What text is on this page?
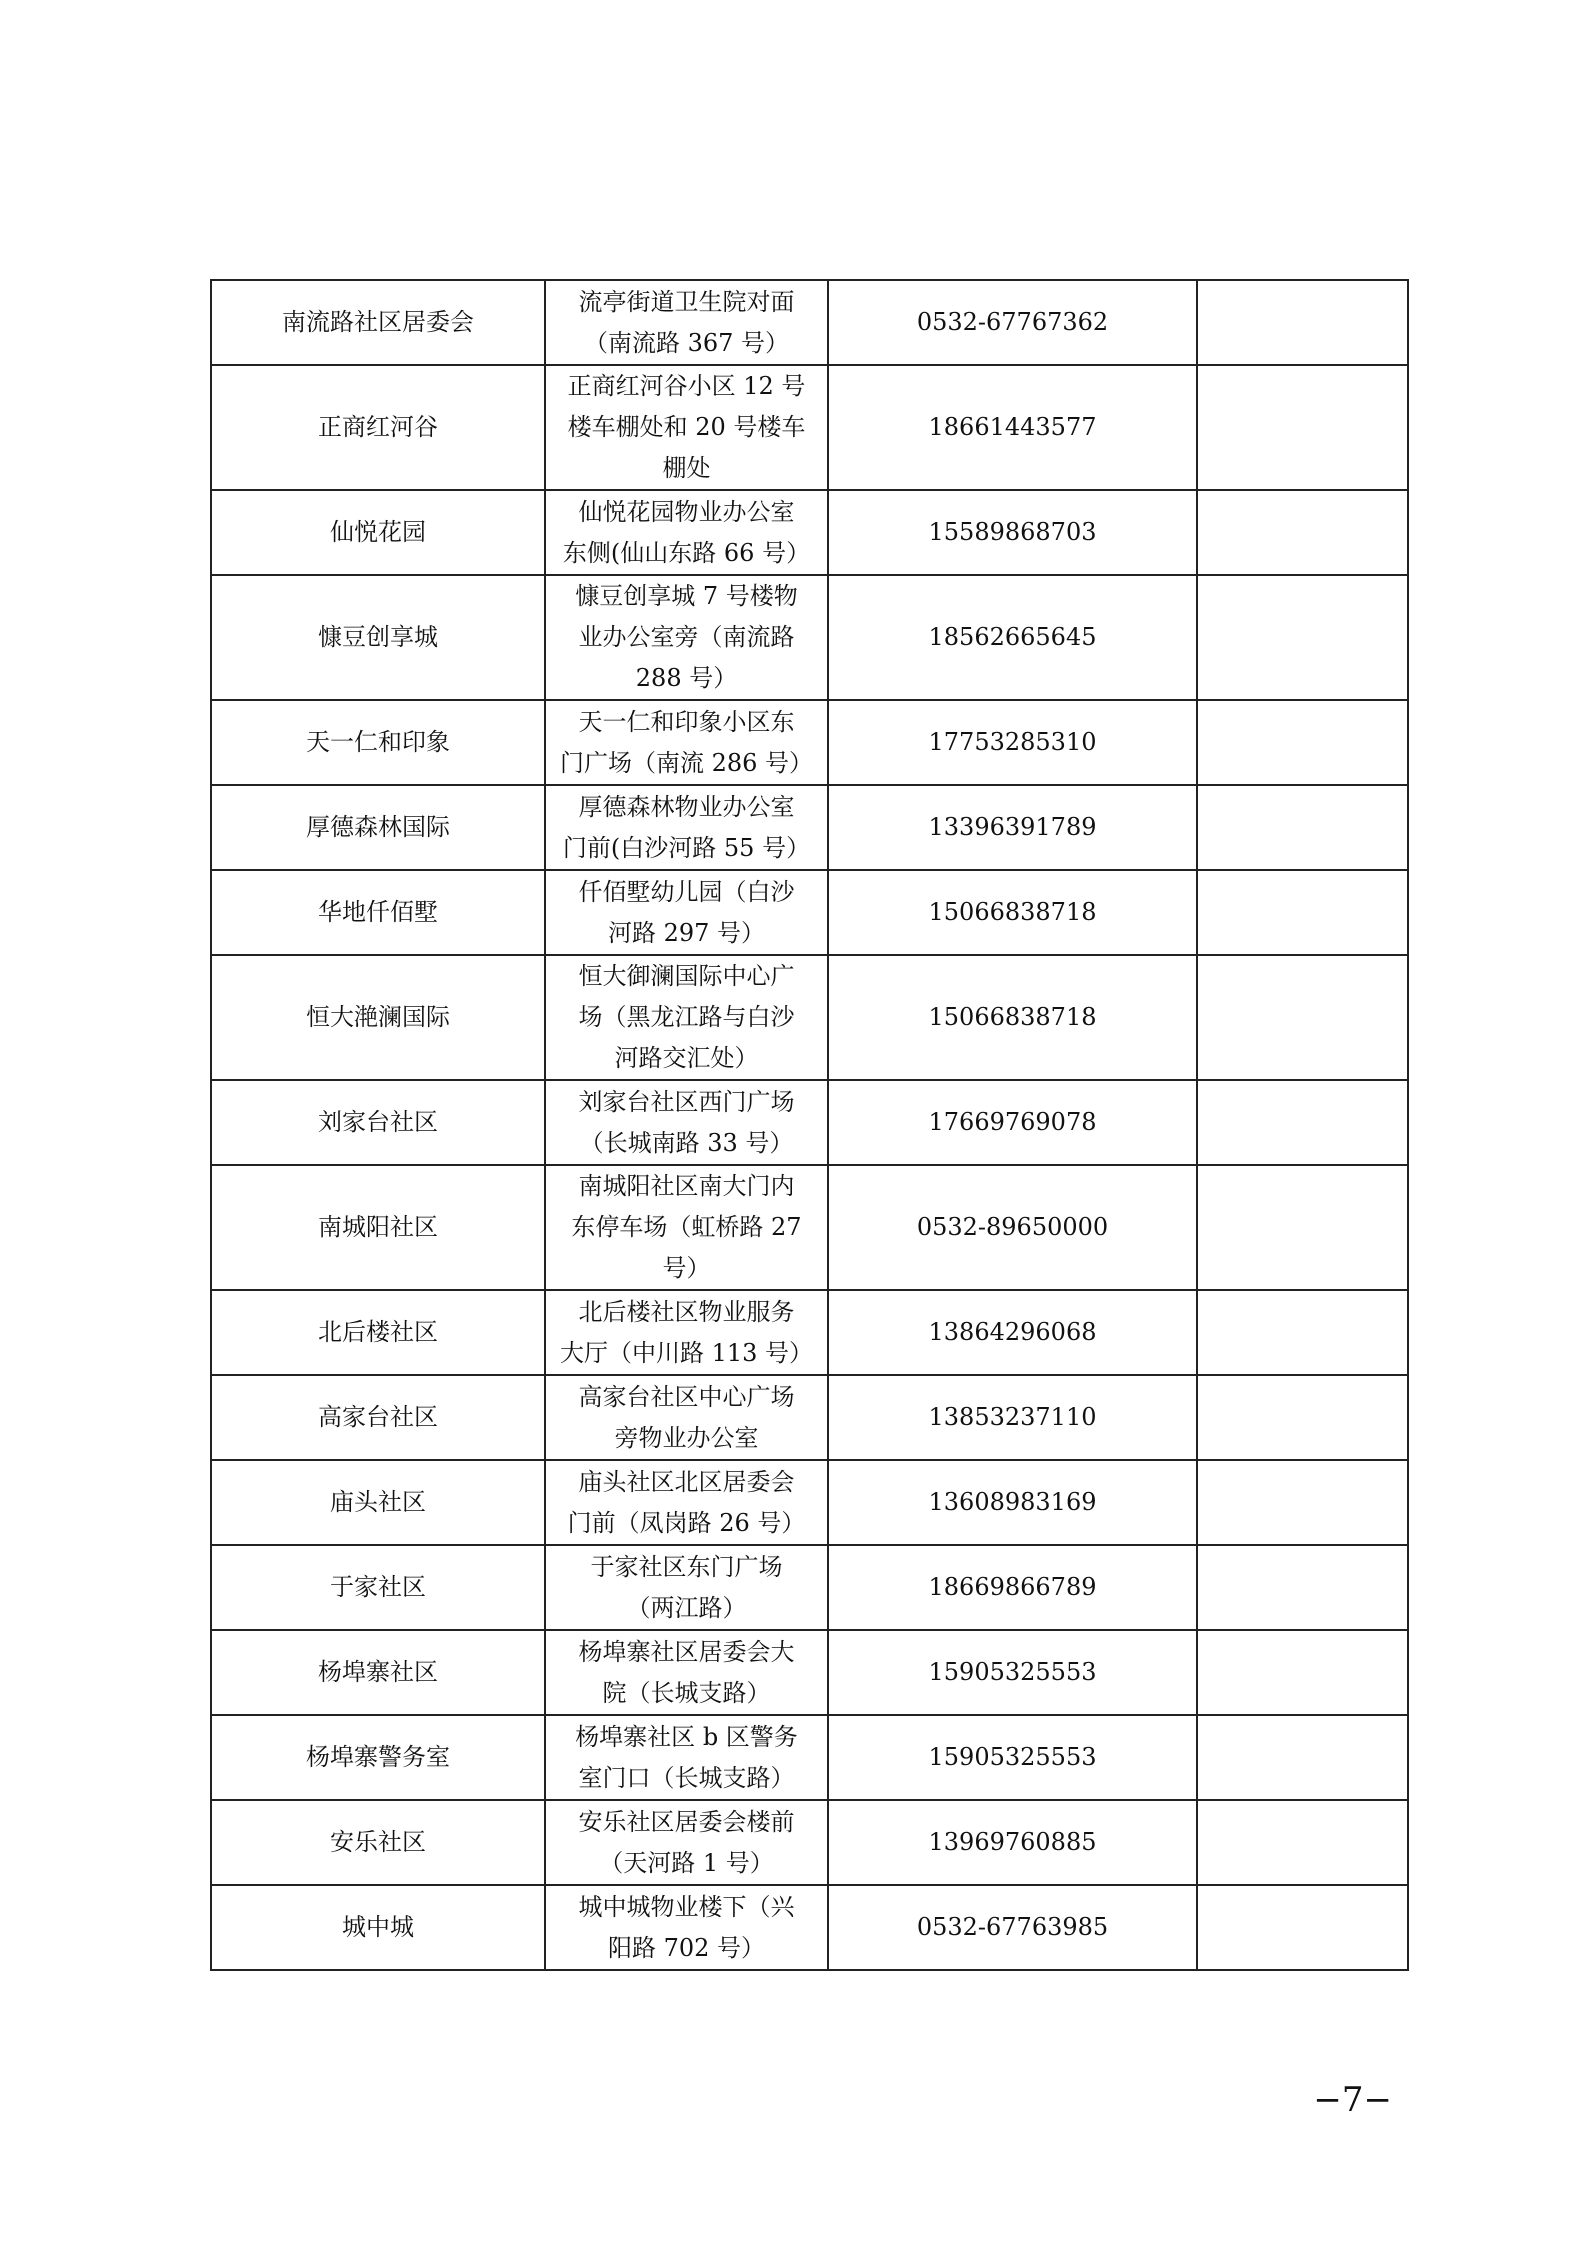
南流路社区居委会	流亭街道卫生院对面
（南流路 367 号）	0532-67767362	
正商红河谷	正商红河谷小区 12 号
楼车棚处和 20 号楼车
棚处	18661443577	
仙悦花园	仙悦花园物业办公室
东侧(仙山东路 66 号）	15589868703	
慷豆创享城	慷豆创享城 7 号楼物
业办公室旁（南流路
288 号）	18562665645	
天一仁和印象	天一仁和印象小区东
门广场（南流 286 号）	17753285310	
厚德森林国际	厚德森林物业办公室
门前(白沙河路 55 号）	13396391789	
华地仟佰墅	仟佰墅幼儿园（白沙
河路 297 号）	15066838718	
恒大滟澜国际	恒大御澜国际中心广
场（黑龙江路与白沙
河路交汇处）	15066838718	
刘家台社区	刘家台社区西门广场
（长城南路 33 号）	17669769078	
南城阳社区	南城阳社区南大门内
东停车场（虹桥路 27
号）	0532-89650000	
北后楼社区	北后楼社区物业服务
大厅（中川路 113 号）	13864296068	
高家台社区	高家台社区中心广场
旁物业办公室	13853237110	
庙头社区	庙头社区北区居委会
门前（凤岗路 26 号）	13608983169	
于家社区	于家社区东门广场
（两江路）	18669866789	
杨埠寨社区	杨埠寨社区居委会大
院（长城支路）	15905325553	
杨埠寨警务室	杨埠寨社区 b 区警务
室门口（长城支路）	15905325553	
安乐社区	安乐社区居委会楼前
（天河路 1 号）	13969760885	
城中城	城中城物业楼下（兴
阳路 702 号）	0532-67763985	
−7−
